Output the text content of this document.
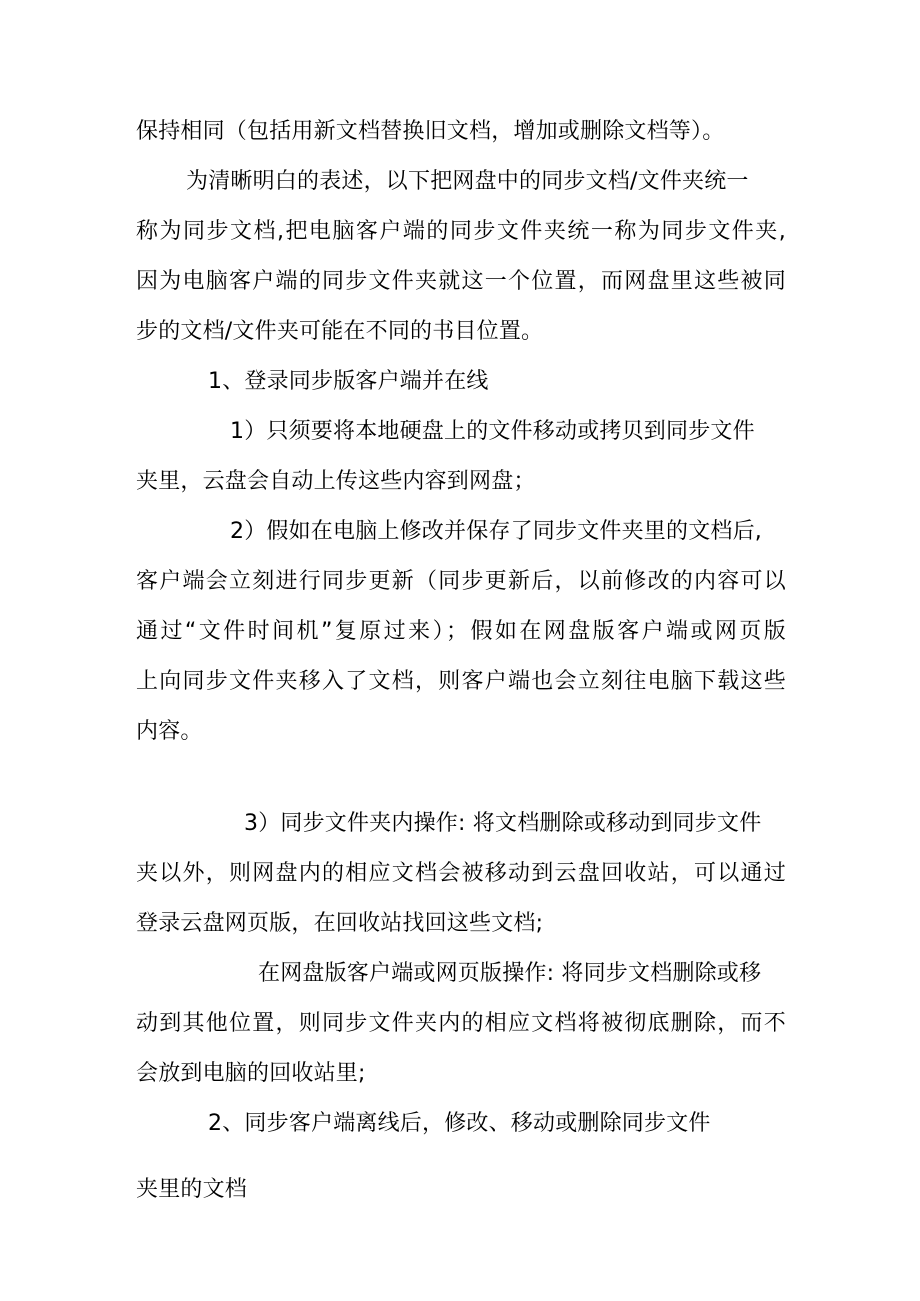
保持相同（包括用新文档替换旧文档，增加或删除文档等）。
为清晰明白的表述，以下把网盘中的同步文档/文件夹统一
称为同步文档,把电脑客户端的同步文件夹统一称为同步文件夹,
因为电脑客户端的同步文件夹就这一个位置，而网盘里这些被同
步的文档/文件夹可能在不同的书目位置。
1、登录同步版客户端并在线
1）只须要将本地硬盘上的文件移动或拷贝到同步文件
夹里，云盘会自动上传这些内容到网盘；
2）假如在电脑上修改并保存了同步文件夹里的文档后,
客户端会立刻进行同步更新（同步更新后，以前修改的内容可以
通过“文件时间机”复原过来）；假如在网盘版客户端或网页版
上向同步文件夹移入了文档，则客户端也会立刻往电脑下载这些
内容。
3）同步文件夹内操作: 将文档删除或移动到同步文件
夹以外，则网盘内的相应文档会被移动到云盘回收站，可以通过
登录云盘网页版，在回收站找回这些文档;
在网盘版客户端或网页版操作: 将同步文档删除或移
动到其他位置，则同步文件夹内的相应文档将被彻底删除，而不
会放到电脑的回收站里;
2、同步客户端离线后，修改、移动或删除同步文件
夹里的文档
